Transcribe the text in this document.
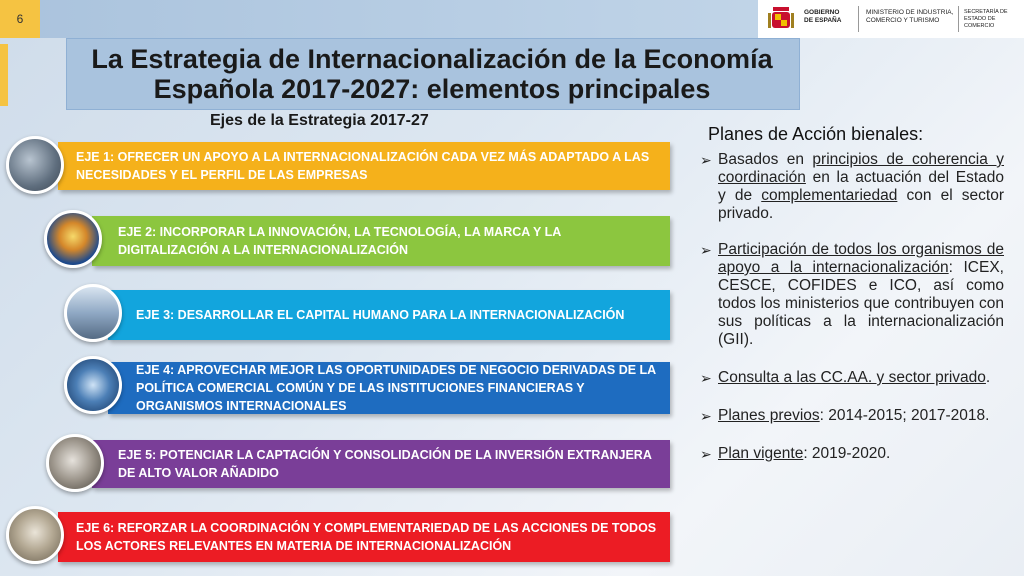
6	GOBIERNO DE ESPAÑA
MINISTERIO DE INDUSTRIA, COMERCIO Y TURISMO
SECRETARÍA DE ESTADO DE COMERCIO
La Estrategia de Internacionalización de la Economía Española 2017-2027: elementos principales
Ejes de la Estrategia 2017-27
EJE 1: OFRECER UN APOYO A LA INTERNACIONALIZACIÓN CADA VEZ MÁS ADAPTADO A LAS NECESIDADES Y EL PERFIL DE LAS EMPRESAS
EJE 2: INCORPORAR LA INNOVACIÓN, LA TECNOLOGÍA, LA MARCA Y LA DIGITALIZACIÓN A LA INTERNACIONALIZACIÓN
EJE 3: DESARROLLAR EL CAPITAL HUMANO PARA LA INTERNACIONALIZACIÓN
EJE 4: APROVECHAR MEJOR LAS OPORTUNIDADES DE NEGOCIO DERIVADAS DE LA POLÍTICA COMERCIAL COMÚN Y DE LAS INSTITUCIONES FINANCIERAS Y ORGANISMOS INTERNACIONALES
EJE 5: POTENCIAR LA CAPTACIÓN Y CONSOLIDACIÓN DE LA INVERSIÓN EXTRANJERA DE ALTO VALOR AÑADIDO
EJE 6: REFORZAR LA COORDINACIÓN Y COMPLEMENTARIEDAD DE LAS ACCIONES DE TODOS LOS ACTORES RELEVANTES EN MATERIA DE INTERNACIONALIZACIÓN
Planes de Acción bienales:
➢ Basados en principios de coherencia y coordinación en la actuación del Estado y de complementariedad con el sector privado.
➢ Participación de todos los organismos de apoyo a la internacionalización: ICEX, CESCE, COFIDES e ICO, así como todos los ministerios que contribuyen con sus políticas a la internacionalización (GII).
➢ Consulta a las CC.AA. y sector privado.
➢ Planes previos: 2014-2015; 2017-2018.
➢ Plan vigente: 2019-2020.
